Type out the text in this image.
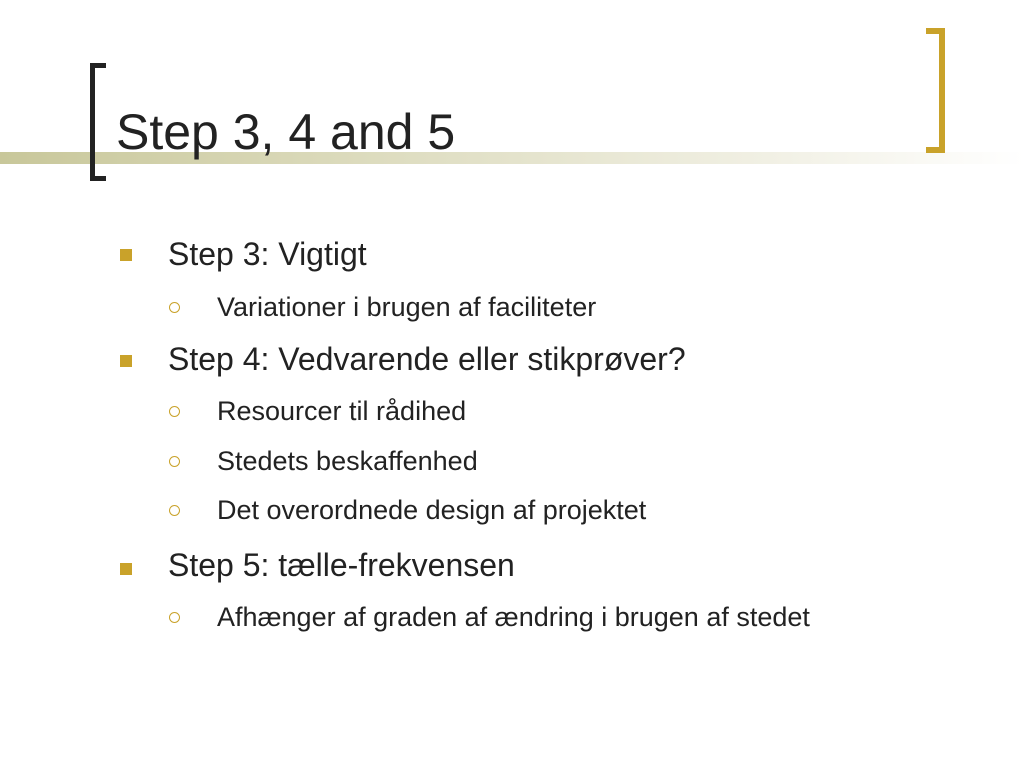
Step 3, 4 and 5
Step 3: Vigtigt
Variationer i brugen af faciliteter
Step 4: Vedvarende eller stikprøver?
Resourcer til rådihed
Stedets beskaffenhed
Det overordnede design af projektet
Step 5: tælle-frekvensen
Afhænger af graden af ændring i brugen af stedet
